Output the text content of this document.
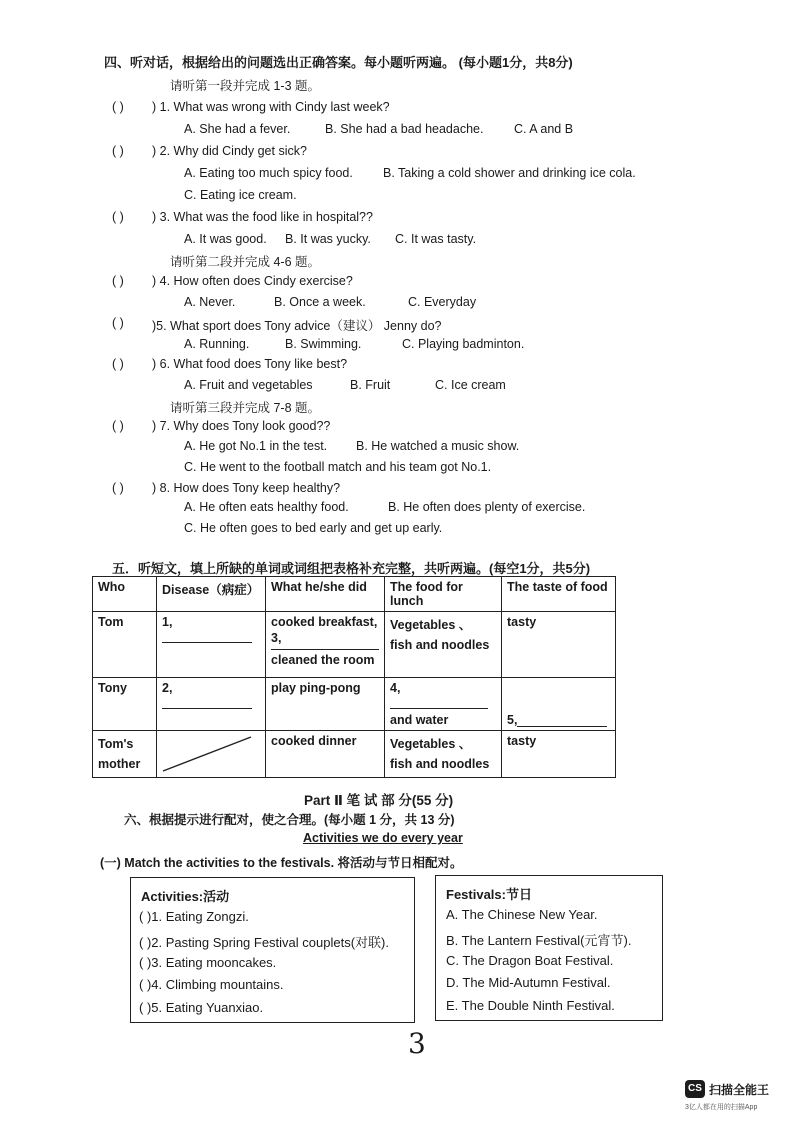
四、听对话，根据给出的问题选出正确答案。每小题听两遍。 (每小题1分，共8分)
请听第一段并完成 1-3 题。
( ) ) 1. What was wrong with Cindy last week?
A. She had a fever.	B. She had a bad headache. C. A and B
( ) ) 2. Why did Cindy get sick?
A. Eating too much spicy food. B. Taking a cold shower and drinking ice cola.
C. Eating ice cream.
( ) ) 3. What was the food like in hospital??
A. It was good. B. It was yucky. C. It was tasty.
请听第二段并完成 4-6 题。
( ) ) 4. How often does Cindy exercise?
A. Never.	B. Once a week.	C. Everyday
( ) )5. What sport does Tony advice（建议） Jenny do?
A. Running.	B. Swimming.	C. Playing badminton.
( ) ) 6. What food does Tony like best?
A. Fruit and vegetables	B. Fruit	C. Ice cream
请听第三段并完成 7-8 题。
( ) ) 7. Why does Tony look good??
A. He got No.1 in the test. B. He watched a music show.
C. He went to the football match and his team got No.1.
( ) ) 8. How does Tony keep healthy?
A. He often eats healthy food.	B. He often does plenty of exercise.
C. He often goes to bed early and get up early.
五．听短文，填上所缺的单词或词组把表格补充完整，共听两遍。(每空1分，共5分)
Who	Disease（病症）	What he/she did	The food for lunch	The taste of food
Tom	1,	cooked breakfast,
3,
cleaned the room	Vegetables 、 fish and noodles	tasty
Tony	2,	play ping-pong	4,
and water	5,
Tom's mother		cooked dinner	Vegetables 、 fish and noodles	tasty
Part Ⅱ 笔 试 部 分(55 分)
六、根据提示进行配对，使之合理。(每小题 1 分，共 13 分)
Activities we do every year
(一) Match the activities to the festivals. 将活动与节日相配对。
Activities:活动
( )1. Eating Zongzi.
( )2. Pasting Spring Festival couplets(对联).
( )3. Eating mooncakes.
( )4. Climbing mountains.
( )5. Eating Yuanxiao.
Festivals:节日
A. The Chinese New Year.
B. The Lantern Festival(元宵节).
C. The Dragon Boat Festival.
D. The Mid-Autumn Festival.
E. The Double Ninth Festival.
3
CS 扫描全能王
3亿人都在用的扫描App
